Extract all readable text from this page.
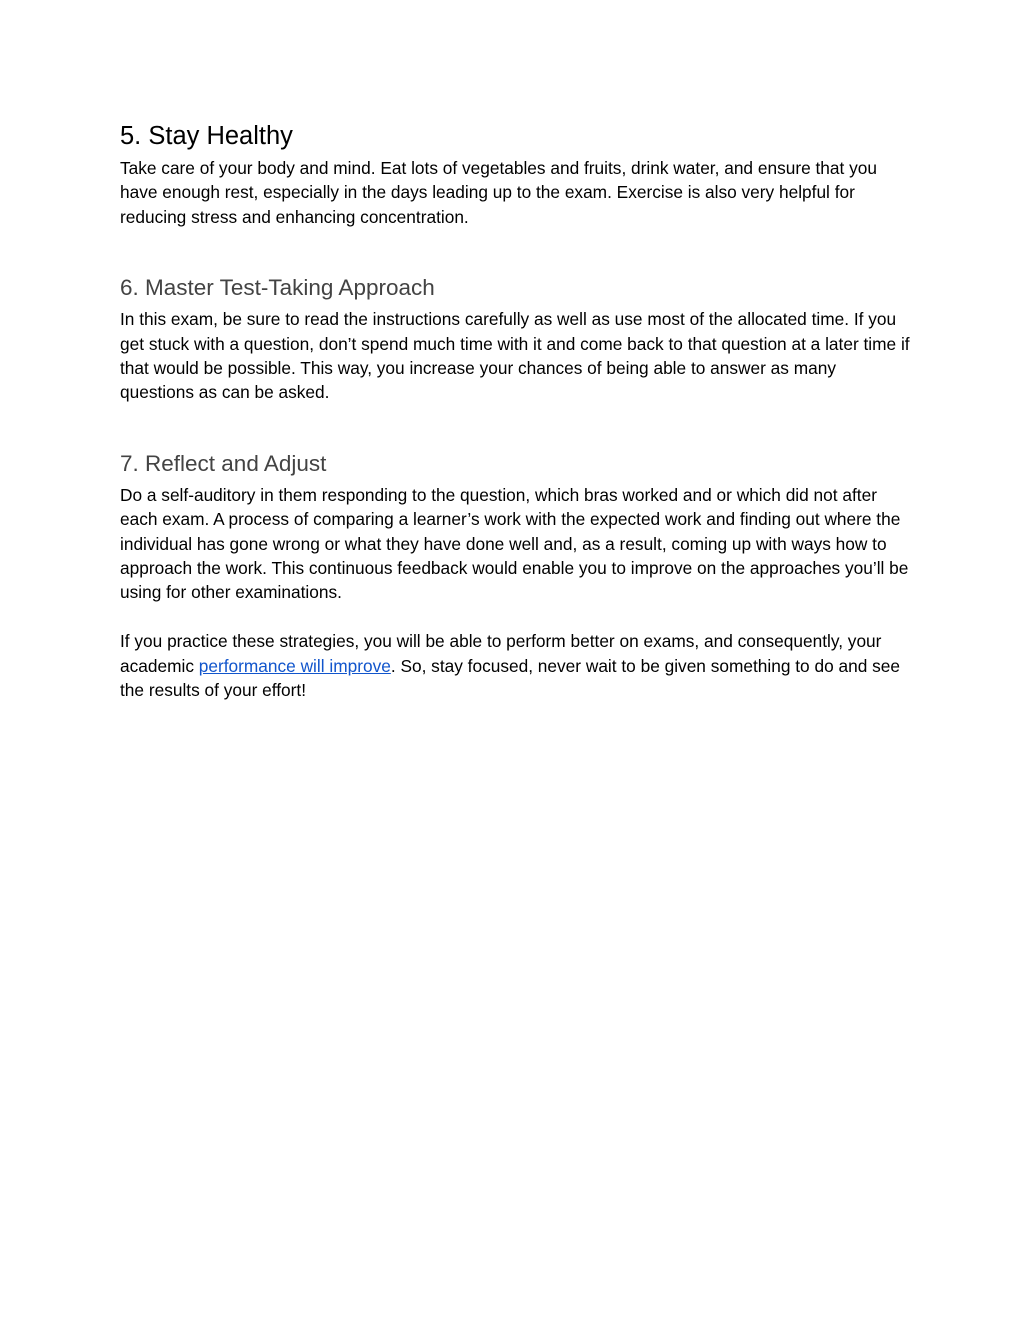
5. Stay Healthy

Take care of your body and mind. Eat lots of vegetables and fruits, drink water, and ensure that you have enough rest, especially in the days leading up to the exam. Exercise is also very helpful for reducing stress and enhancing concentration.

6. Master Test-Taking Approach

In this exam, be sure to read the instructions carefully as well as use most of the allocated time. If you get stuck with a question, don’t spend much time with it and come back to that question at a later time if that would be possible. This way, you increase your chances of being able to answer as many questions as can be asked.

7. Reflect and Adjust

Do a self-auditory in them responding to the question, which bras worked and or which did not after each exam. A process of comparing a learner’s work with the expected work and finding out where the individual has gone wrong or what they have done well and, as a result, coming up with ways how to approach the work. This continuous feedback would enable you to improve on the approaches you’ll be using for other examinations.

If you practice these strategies, you will be able to perform better on exams, and consequently, your academic performance will improve. So, stay focused, never wait to be given something to do and see the results of your effort!
